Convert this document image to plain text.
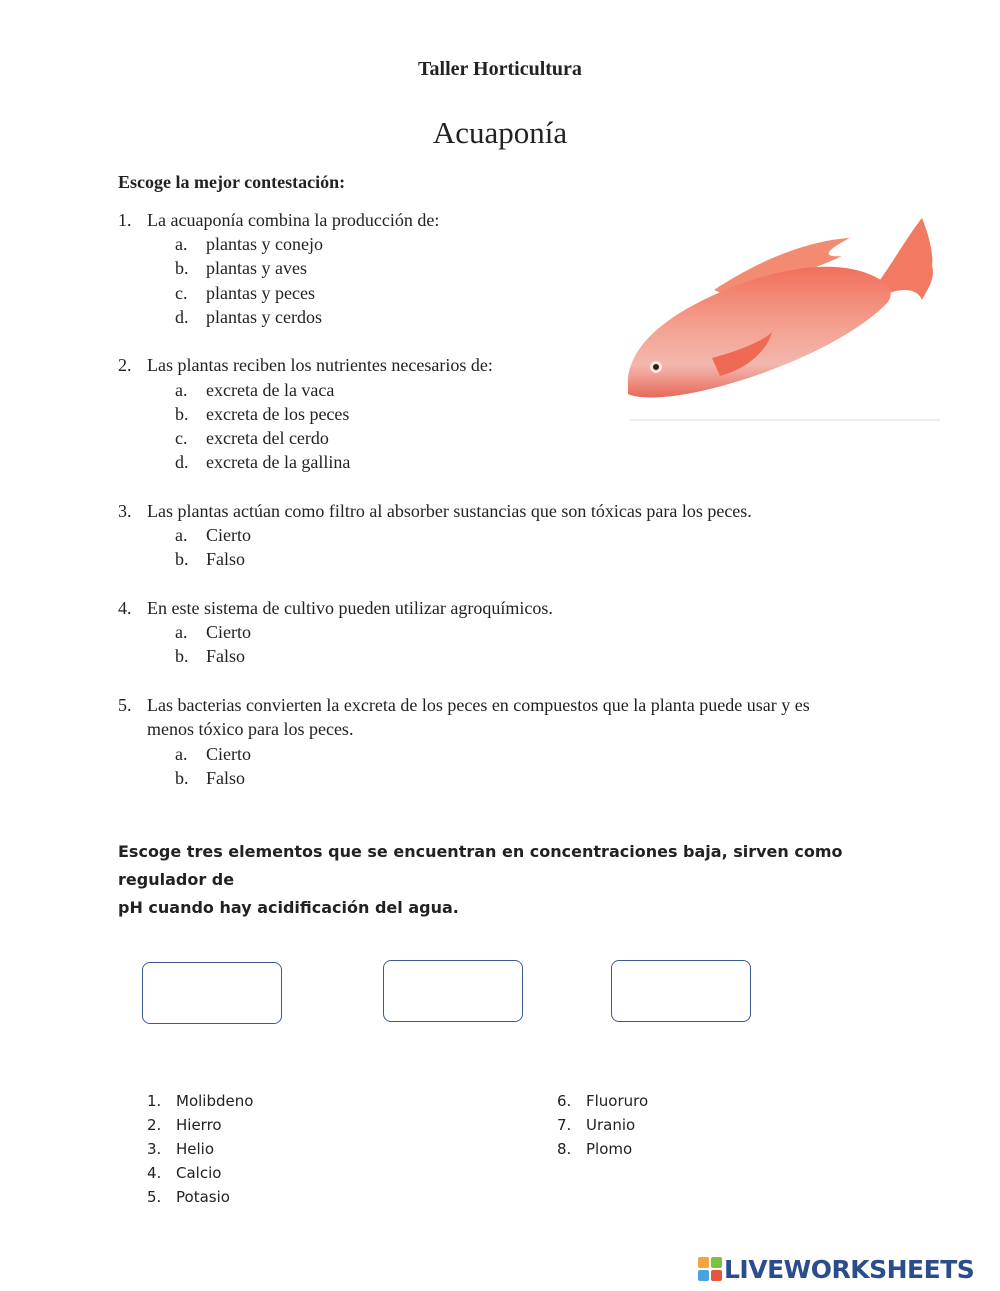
Taller Horticultura
Acuaponía
Escoge la mejor contestación:
1. La acuaponía combina la producción de:
a. plantas y conejo
b. plantas y aves
c. plantas y peces
d. plantas y cerdos
2. Las plantas reciben los nutrientes necesarios de:
a. excreta de la vaca
b. excreta de los peces
c. excreta del cerdo
d. excreta de la gallina
3. Las plantas actúan como filtro al absorber sustancias que son tóxicas para los peces.
a. Cierto
b. Falso
4. En este sistema de cultivo pueden utilizar agroquímicos.
a. Cierto
b. Falso
5. Las bacterias convierten la excreta de los peces en compuestos que la planta puede usar y es
menos tóxico para los peces.
a. Cierto
b. Falso
Escoge tres elementos que se encuentran en concentraciones baja, sirven como regulador de
pH cuando hay acidificación del agua.
1. Molibdeno
2. Hierro
3. Helio
4. Calcio
5. Potasio
6. Fluoruro
7. Uranio
8. Plomo
LIVEWORKSHEETS
